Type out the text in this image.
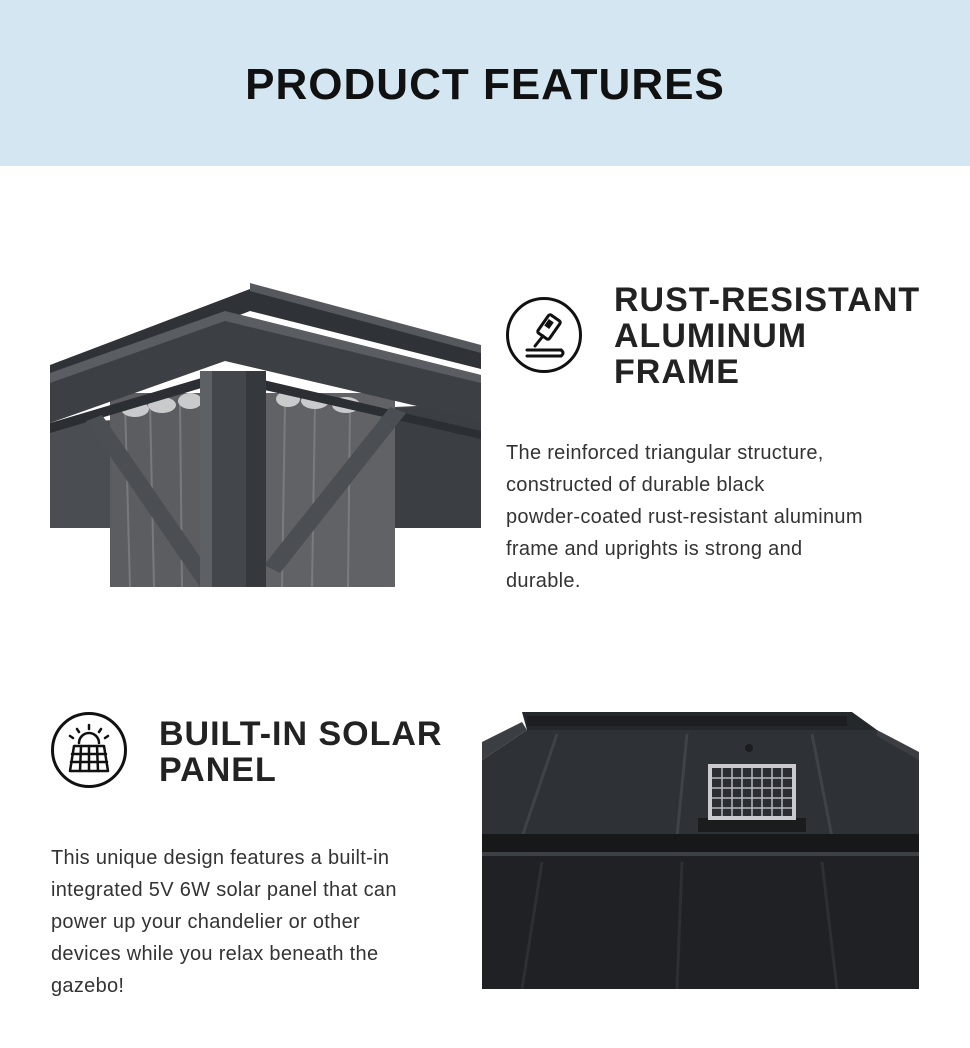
PRODUCT FEATURES
RUST-RESISTANT
ALUMINUM
FRAME
The reinforced triangular structure,
constructed of durable black
powder-coated rust-resistant aluminum
frame and uprights is strong and
durable.
BUILT-IN SOLAR
PANEL
This unique design features a built-in
integrated 5V 6W solar panel that can
power up your chandelier or other
devices while you relax beneath the
gazebo!
